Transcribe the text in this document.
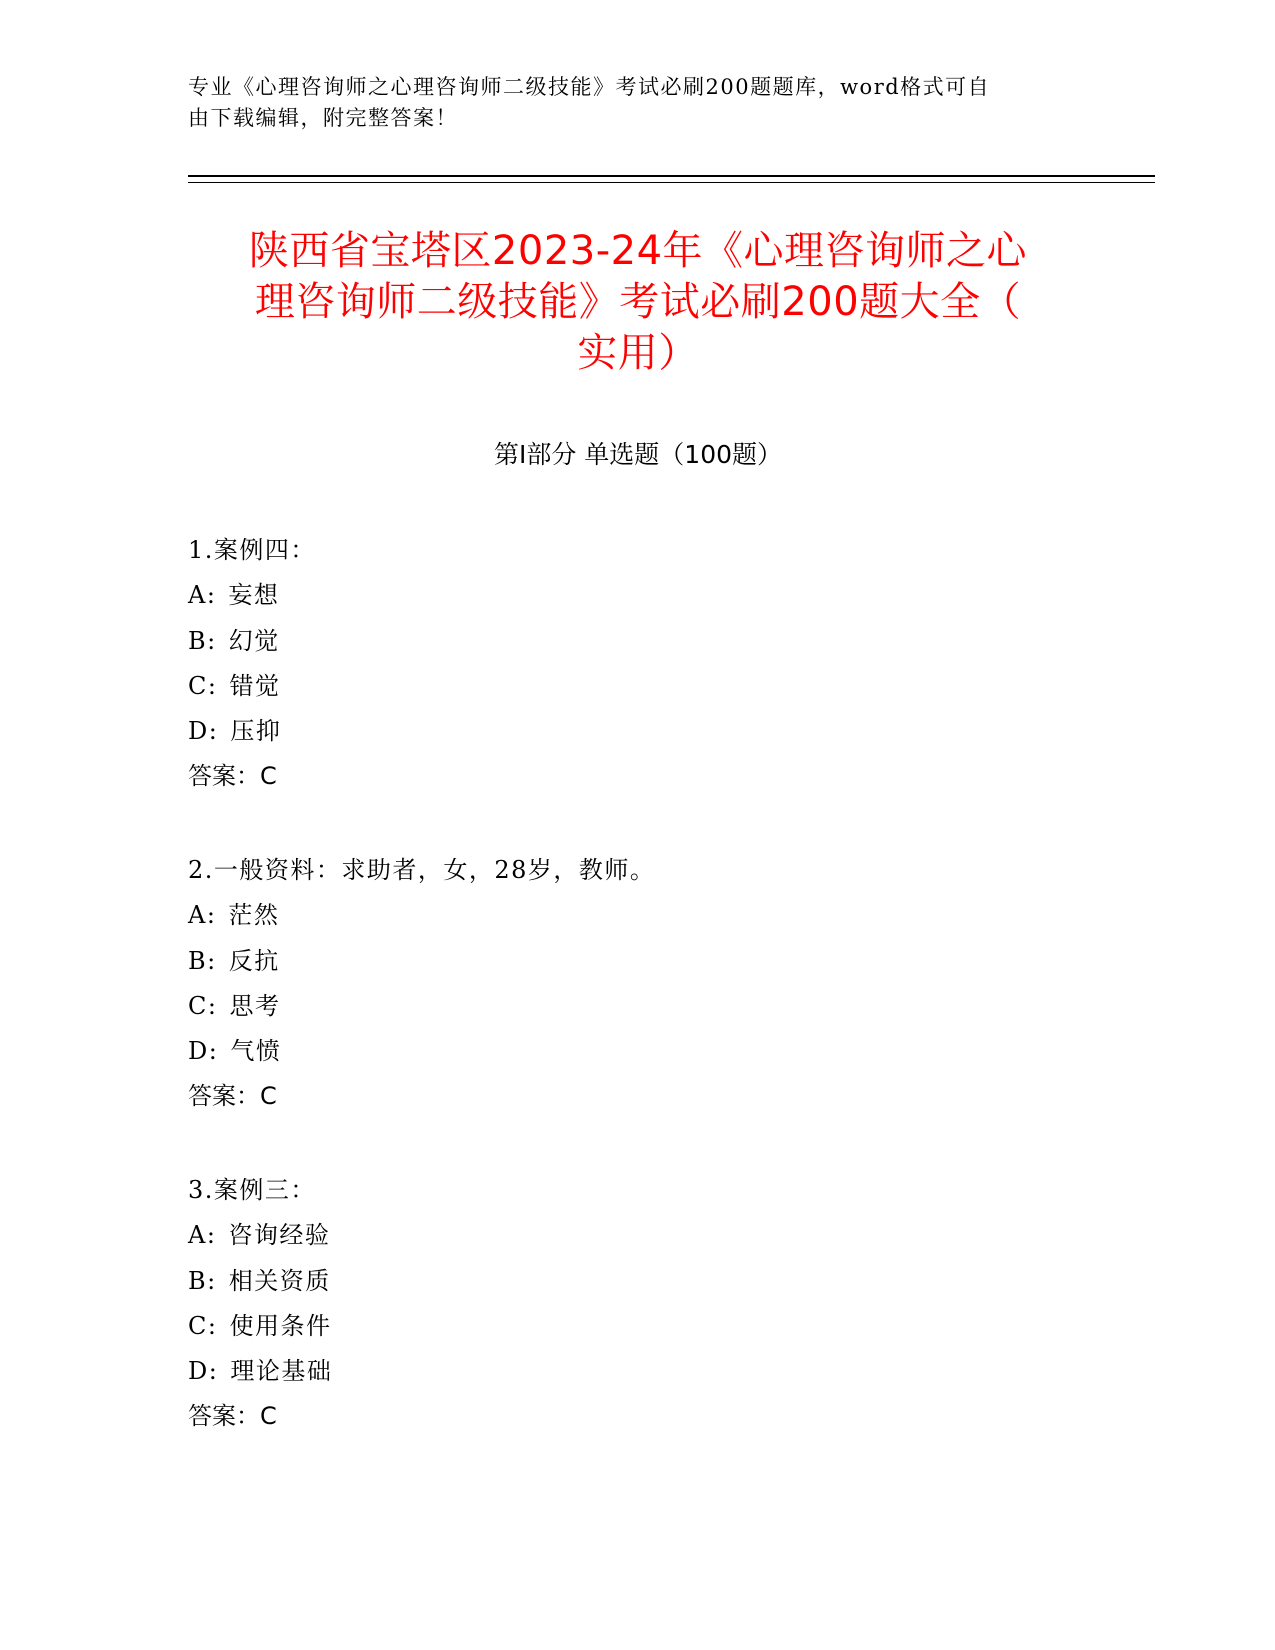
专业《心理咨询师之心理咨询师二级技能》考试必刷200题题库，word格式可自
由下载编辑，附完整答案！
陕西省宝塔区2023-24年《心理咨询师之心
理咨询师二级技能》考试必刷200题大全（
实用）
第Ⅰ部分 单选题（100题）
1.案例四：
A: 妄想
B: 幻觉
C: 错觉
D: 压抑
答案：C
2.一般资料：求助者，女，28岁，教师。
A: 茫然
B: 反抗
C: 思考
D: 气愤
答案：C
3.案例三：
A: 咨询经验
B: 相关资质
C: 使用条件
D: 理论基础
答案：C
